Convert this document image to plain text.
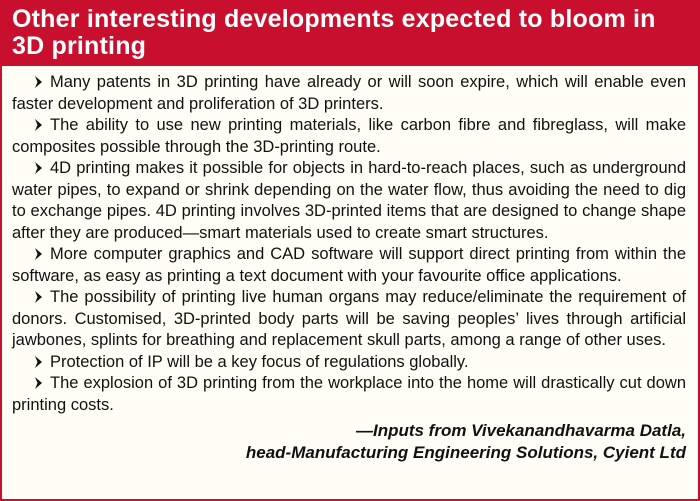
Other interesting developments expected to bloom in 3D printing

Many patents in 3D printing have already or will soon expire, which will enable even faster development and proliferation of 3D printers.

The ability to use new printing materials, like carbon fibre and fibreglass, will make composites possible through the 3D-printing route.

4D printing makes it possible for objects in hard-to-reach places, such as underground water pipes, to expand or shrink depending on the water flow, thus avoiding the need to dig to exchange pipes. 4D printing involves 3D-printed items that are designed to change shape after they are produced—smart materials used to create smart structures.

More computer graphics and CAD software will support direct printing from within the software, as easy as printing a text document with your favourite office applications.

The possibility of printing live human organs may reduce/eliminate the requirement of donors. Customised, 3D-printed body parts will be saving peoples’ lives through artificial jawbones, splints for breathing and replacement skull parts, among a range of other uses.

Protection of IP will be a key focus of regulations globally.

The explosion of 3D printing from the workplace into the home will drastically cut down printing costs.

—Inputs from Vivekanandhavarma Datla,
head-Manufacturing Engineering Solutions, Cyient Ltd
